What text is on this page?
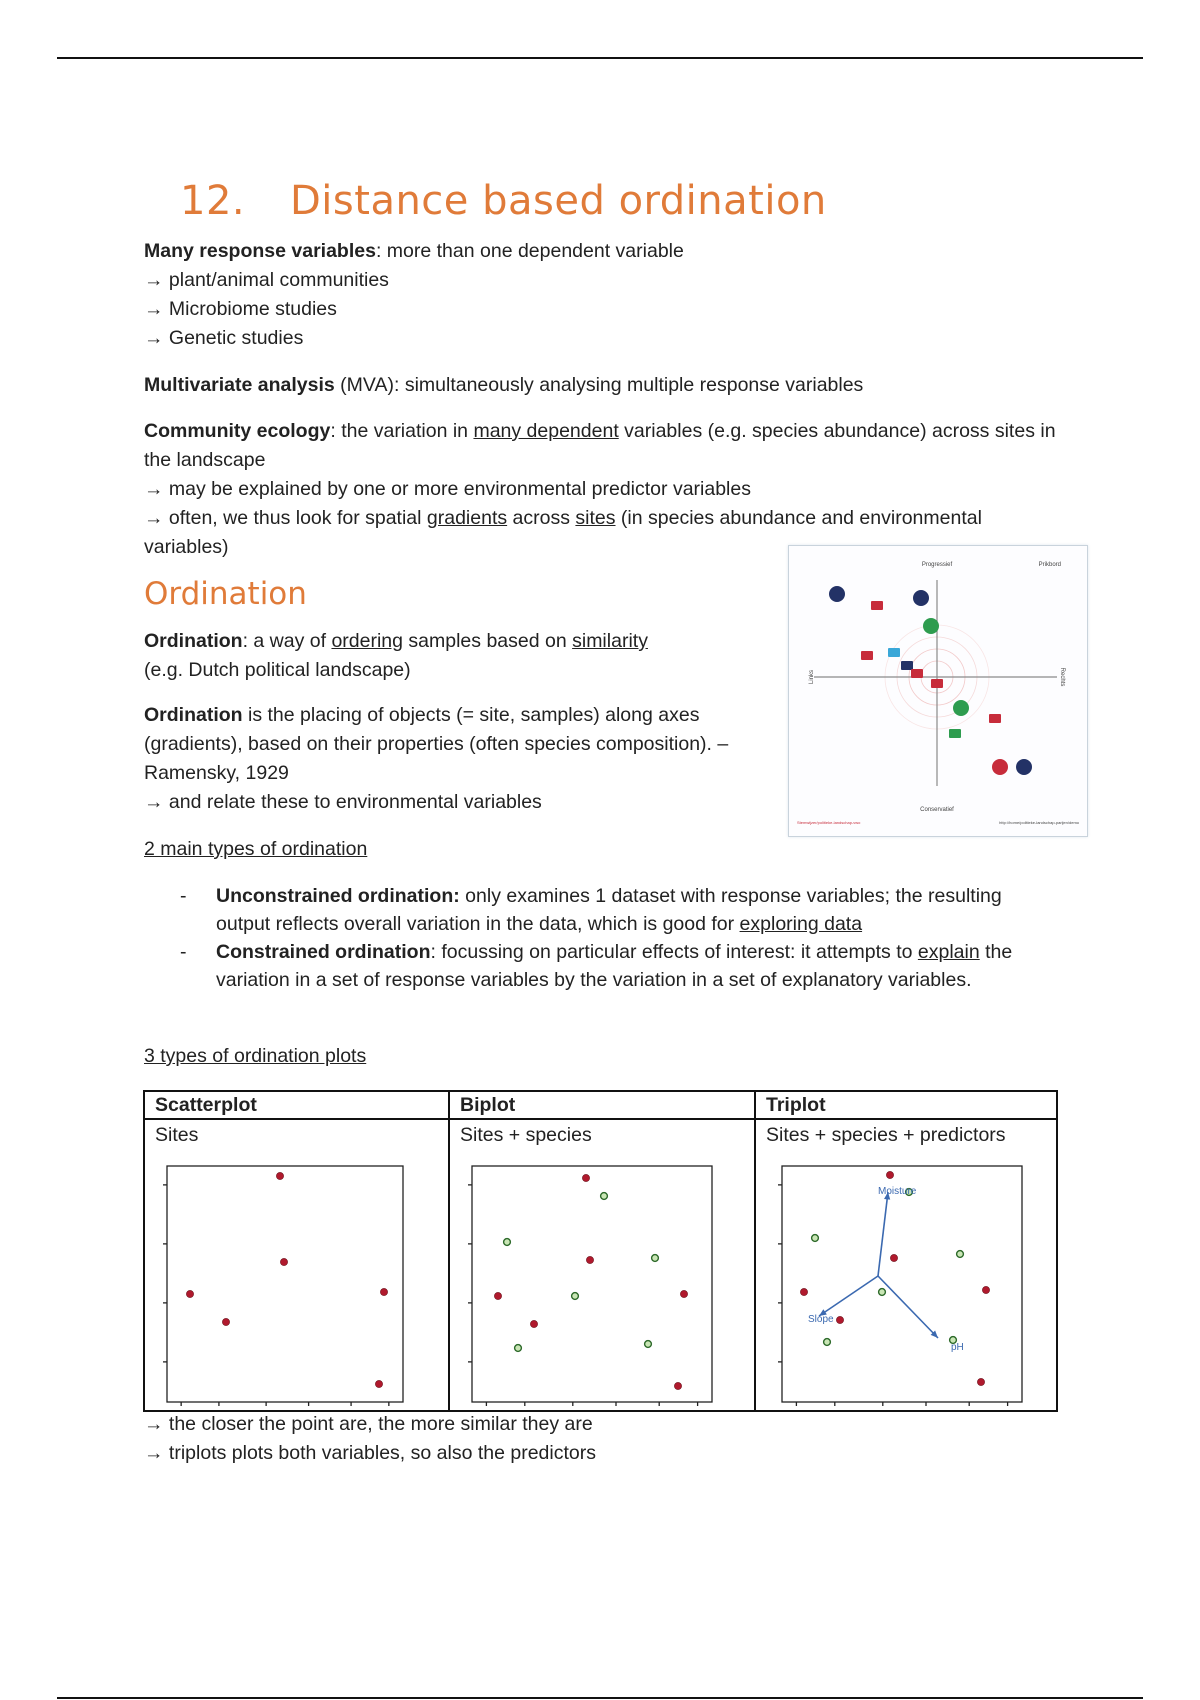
12. Distance based ordination
Many response variables: more than one dependent variable
→ plant/animal communities
→ Microbiome studies
→ Genetic studies
Multivariate analysis (MVA): simultaneously analysing multiple response variables
Community ecology: the variation in many dependent variables (e.g. species abundance) across sites in the landscape
→ may be explained by one or more environmental predictor variables
→ often, we thus look for spatial gradients across sites (in species abundance and environmental variables)
Ordination
Ordination: a way of ordering samples based on similarity
(e.g. Dutch political landscape)
Ordination is the placing of objects (= site, samples) along axes (gradients), based on their properties (often species composition). – Ramensky, 1929
→ and relate these to environmental variables
Progressief
Conservatief
Links	Rechts
Prikbord
Stemwijzer/politieke-landschap-vwo	http://home/politieke-landschap-parijen/demo
2 main types of ordination
- Unconstrained ordination: only examines 1 dataset with response variables; the resulting output reflects overall variation in the data, which is good for exploring data
- Constrained ordination: focussing on particular effects of interest: it attempts to explain the variation in a set of response variables by the variation in a set of explanatory variables.
3 types of ordination plots
Scatterplot
Sites
Biplot
Sites + species
Triplot
Sites + species + predictors
Moisture
Slope
pH
→ the closer the point are, the more similar they are
→ triplots plots both variables, so also the predictors
